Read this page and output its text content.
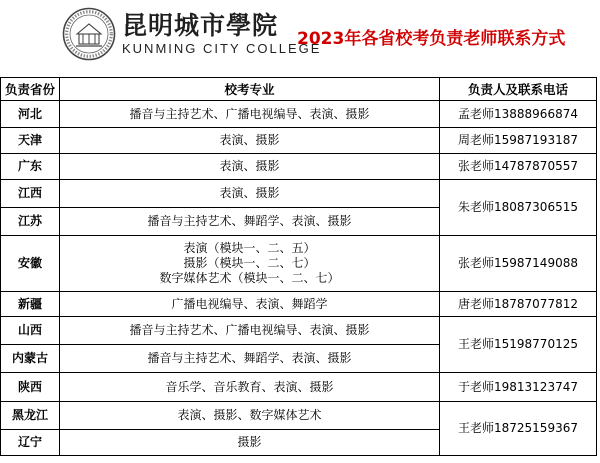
昆明城市學院
KUNMING CITY COLLEGE
2023年各省校考负责老师联系方式
负责省份	校考专业	负责人及联系电话
河北	播音与主持艺术、广播电视编导、表演、摄影	孟老师13888966874
天津	表演、摄影	周老师15987193187
广东	表演、摄影	张老师14787870557
江西	表演、摄影	朱老师18087306515
江苏	播音与主持艺术、舞蹈学、表演、摄影	

安徽	表演（模块一、二、五）
摄影（模块一、二、七）
数字媒体艺术（模块一、二、七）	张老师15987149088
新疆	广播电视编导、表演、舞蹈学	唐老师18787077812
山西	播音与主持艺术、广播电视编导、表演、摄影	王老师15198770125
内蒙古	播音与主持艺术、舞蹈学、表演、摄影	

陕西	音乐学、音乐教育、表演、摄影	于老师19813123747
黑龙江	表演、摄影、数字媒体艺术	王老师18725159367
辽宁	摄影	
